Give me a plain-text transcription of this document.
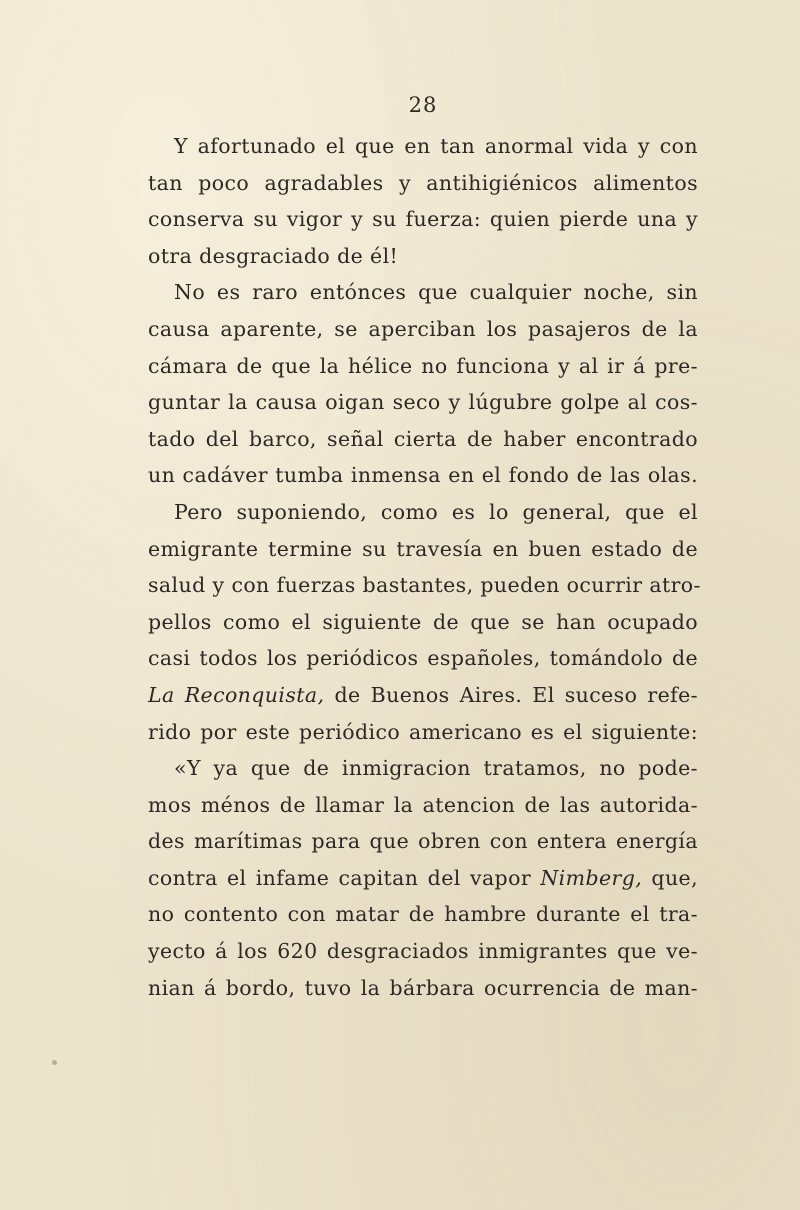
28
Y afortunado el que en tan anormal vida y con
tan poco agradables y antihigiénicos alimentos
conserva su vigor y su fuerza: quien pierde una y
otra desgraciado de él!
No es raro entónces que cualquier noche, sin
causa aparente, se aperciban los pasajeros de la
cámara de que la hélice no funciona y al ir á pre-
guntar la causa oigan seco y lúgubre golpe al cos-
tado del barco, señal cierta de haber encontrado
un cadáver tumba inmensa en el fondo de las olas.
Pero suponiendo, como es lo general, que el
emigrante termine su travesía en buen estado de
salud y con fuerzas bastantes, pueden ocurrir atro-
pellos como el siguiente de que se han ocupado
casi todos los periódicos españoles, tomándolo de
La Reconquista, de Buenos Aires. El suceso refe-
rido por este periódico americano es el siguiente:
«Y ya que de inmigracion tratamos, no pode-
mos ménos de llamar la atencion de las autorida-
des marítimas para que obren con entera energía
contra el infame capitan del vapor Nimberg, que,
no contento con matar de hambre durante el tra-
yecto á los 620 desgraciados inmigrantes que ve-
nian á bordo, tuvo la bárbara ocurrencia de man-
